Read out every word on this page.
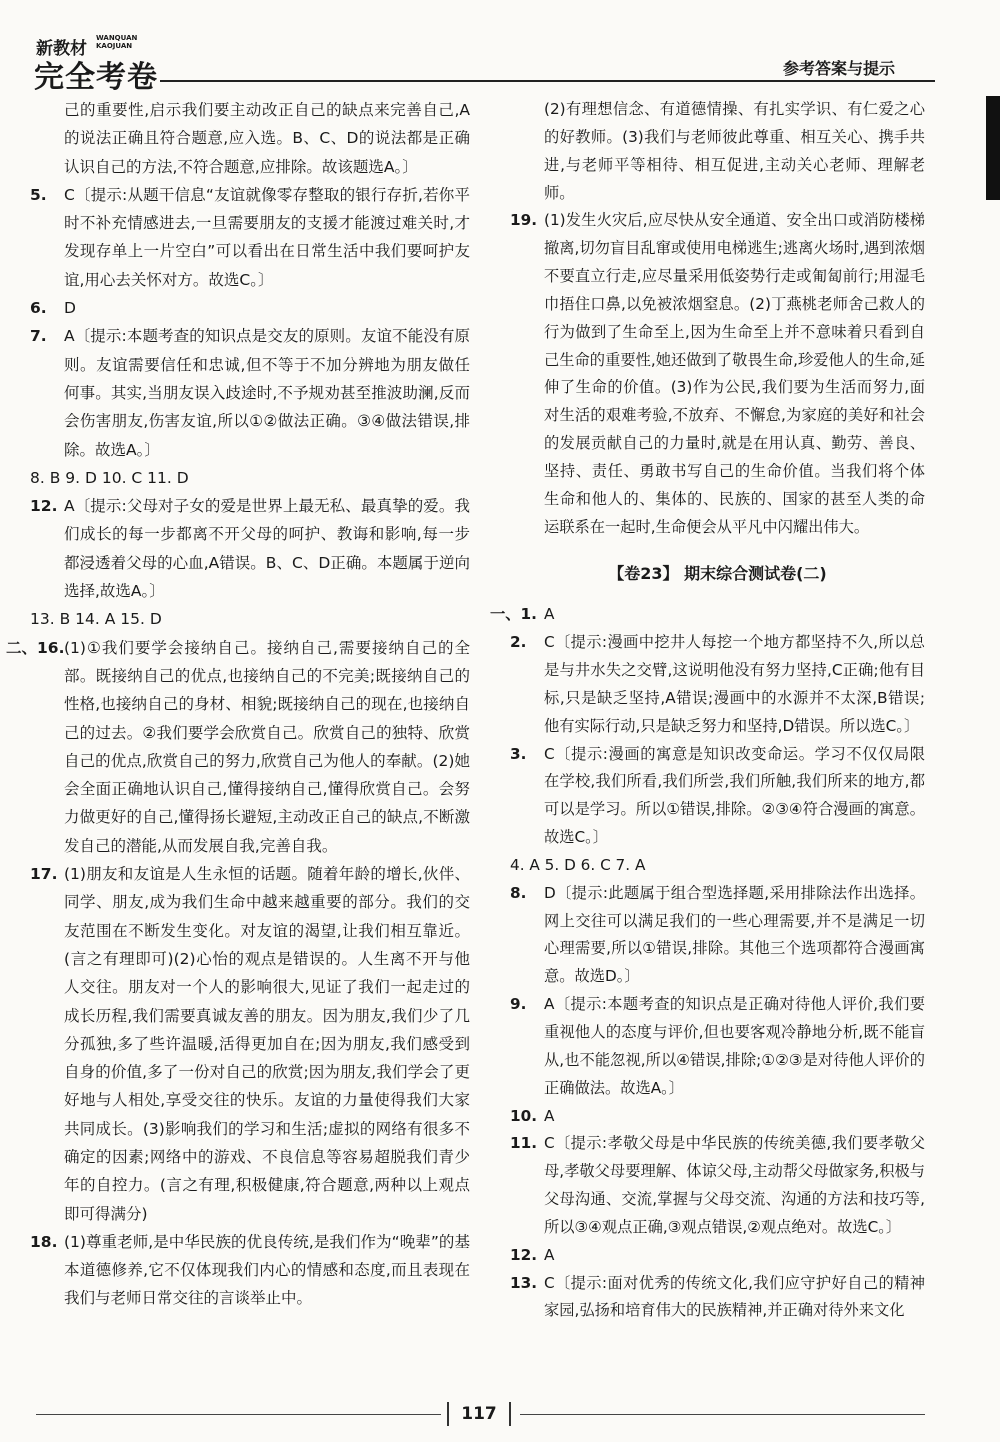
新教材
WANQUAN
KAOJUAN
完全考卷	参考答案与提示
己的重要性,启示我们要主动改正自己的缺点来完善自己,A的说法正确且符合题意,应入选。B、C、D的说法都是正确认识自己的方法,不符合题意,应排除。故该题选A。〕
5. C〔提示:从题干信息“友谊就像零存整取的银行存折,若你平时不补充情感进去,一旦需要朋友的支援才能渡过难关时,才发现存单上一片空白”可以看出在日常生活中我们要呵护友谊,用心去关怀对方。故选C。〕
6. D
7. A〔提示:本题考查的知识点是交友的原则。友谊不能没有原则。友谊需要信任和忠诚,但不等于不加分辨地为朋友做任何事。其实,当朋友误入歧途时,不予规劝甚至推波助澜,反而会伤害朋友,伤害友谊,所以①②做法正确。③④做法错误,排除。故选A。〕
8. B 9. D 10. C 11. D
12. A〔提示:父母对子女的爱是世界上最无私、最真挚的爱。我们成长的每一步都离不开父母的呵护、教诲和影响,每一步都浸透着父母的心血,A错误。B、C、D正确。本题属于逆向选择,故选A。〕
13. B 14. A 15. D
二、16. (1)①我们要学会接纳自己。接纳自己,需要接纳自己的全部。既接纳自己的优点,也接纳自己的不完美;既接纳自己的性格,也接纳自己的身材、相貌;既接纳自己的现在,也接纳自己的过去。②我们要学会欣赏自己。欣赏自己的独特、欣赏自己的优点,欣赏自己的努力,欣赏自己为他人的奉献。(2)她会全面正确地认识自己,懂得接纳自己,懂得欣赏自己。会努力做更好的自己,懂得扬长避短,主动改正自己的缺点,不断激发自己的潜能,从而发展自我,完善自我。
17. (1)朋友和友谊是人生永恒的话题。随着年龄的增长,伙伴、同学、朋友,成为我们生命中越来越重要的部分。我们的交友范围在不断发生变化。对友谊的渴望,让我们相互靠近。(言之有理即可)(2)心怡的观点是错误的。人生离不开与他人交往。朋友对一个人的影响很大,见证了我们一起走过的成长历程,我们需要真诚友善的朋友。因为朋友,我们少了几分孤独,多了些许温暖,活得更加自在;因为朋友,我们感受到自身的价值,多了一份对自己的欣赏;因为朋友,我们学会了更好地与人相处,享受交往的快乐。友谊的力量使得我们大家共同成长。(3)影响我们的学习和生活;虚拟的网络有很多不确定的因素;网络中的游戏、不良信息等容易超脱我们青少年的自控力。(言之有理,积极健康,符合题意,两种以上观点即可得满分)
18. (1)尊重老师,是中华民族的优良传统,是我们作为“晚辈”的基本道德修养,它不仅体现我们内心的情感和态度,而且表现在我们与老师日常交往的言谈举止中。
(2)有理想信念、有道德情操、有扎实学识、有仁爱之心的好教师。(3)我们与老师彼此尊重、相互关心、携手共进,与老师平等相待、相互促进,主动关心老师、理解老师。
19. (1)发生火灾后,应尽快从安全通道、安全出口或消防楼梯撤离,切勿盲目乱窜或使用电梯逃生;逃离火场时,遇到浓烟不要直立行走,应尽量采用低姿势行走或匍匐前行;用湿毛巾捂住口鼻,以免被浓烟窒息。(2)丁燕桃老师舍己救人的行为做到了生命至上,因为生命至上并不意味着只看到自己生命的重要性,她还做到了敬畏生命,珍爱他人的生命,延伸了生命的价值。(3)作为公民,我们要为生活而努力,面对生活的艰难考验,不放弃、不懈怠,为家庭的美好和社会的发展贡献自己的力量时,就是在用认真、勤劳、善良、坚持、责任、勇敢书写自己的生命价值。当我们将个体生命和他人的、集体的、民族的、国家的甚至人类的命运联系在一起时,生命便会从平凡中闪耀出伟大。
【卷23】 期末综合测试卷(二)
一、1. A
2. C〔提示:漫画中挖井人每挖一个地方都坚持不久,所以总是与井水失之交臂,这说明他没有努力坚持,C正确;他有目标,只是缺乏坚持,A错误;漫画中的水源并不太深,B错误;他有实际行动,只是缺乏努力和坚持,D错误。所以选C。〕
3. C〔提示:漫画的寓意是知识改变命运。学习不仅仅局限在学校,我们所看,我们所尝,我们所触,我们所来的地方,都可以是学习。所以①错误,排除。②③④符合漫画的寓意。故选C。〕
4. A 5. D 6. C 7. A
8. D〔提示:此题属于组合型选择题,采用排除法作出选择。网上交往可以满足我们的一些心理需要,并不是满足一切心理需要,所以①错误,排除。其他三个选项都符合漫画寓意。故选D。〕
9. A〔提示:本题考查的知识点是正确对待他人评价,我们要重视他人的态度与评价,但也要客观冷静地分析,既不能盲从,也不能忽视,所以④错误,排除;①②③是对待他人评价的正确做法。故选A。〕
10. A
11. C〔提示:孝敬父母是中华民族的传统美德,我们要孝敬父母,孝敬父母要理解、体谅父母,主动帮父母做家务,积极与父母沟通、交流,掌握与父母交流、沟通的方法和技巧等,所以③④观点正确,③观点错误,②观点绝对。故选C。〕
12. A
13. C〔提示:面对优秀的传统文化,我们应守护好自己的精神家园,弘扬和培育伟大的民族精神,并正确对待外来文化
117
